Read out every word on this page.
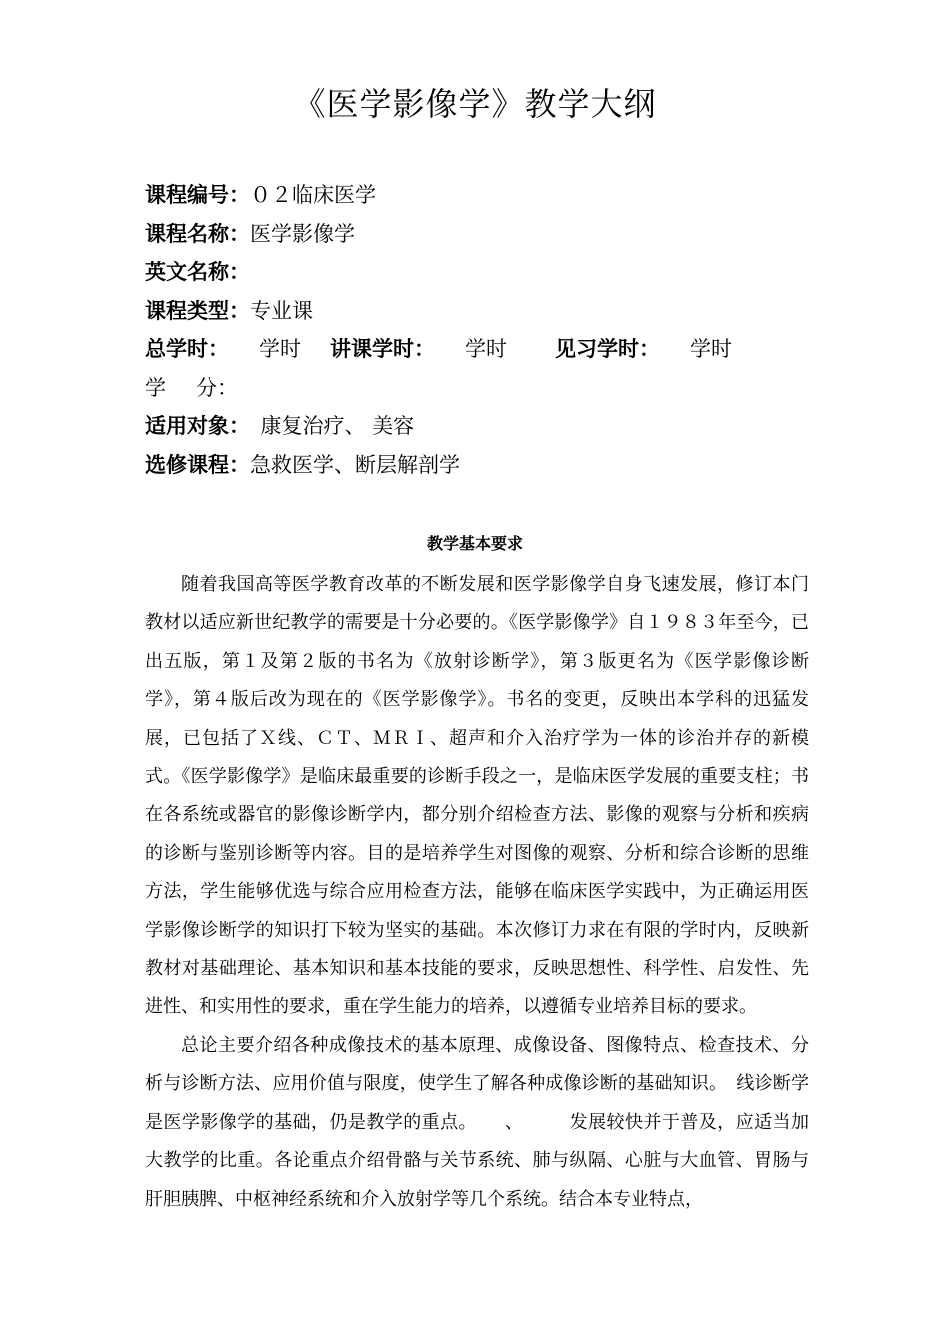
《医学影像学》教学大纲
课程编号：０２临床医学
课程名称：医学影像学
英文名称：
课程类型：专业课
总学时： 学时 讲课学时： 学时 见习学时： 学时
学 分：
适用对象： 康复治疗、 美容
选修课程：急救医学、断层解剖学
教学基本要求

随着我国高等医学教育改革的不断发展和医学影像学自身飞速发展，修订本门教材以适应新世纪教学的需要是十分必要的。《医学影像学》自１９８３年至今，已出五版，第１及第２版的书名为《放射诊断学》，第３版更名为《医学影像诊断学》，第４版后改为现在的《医学影像学》。书名的变更，反映出本学科的迅猛发展，已包括了Ｘ线、ＣＴ、ＭＲＩ、超声和介入治疗学为一体的诊治并存的新模式。《医学影像学》是临床最重要的诊断手段之一，是临床医学发展的重要支柱；书在各系统或器官的影像诊断学内，都分别介绍检查方法、影像的观察与分析和疾病的诊断与鉴别诊断等内容。目的是培养学生对图像的观察、分析和综合诊断的思维方法，学生能够优选与综合应用检查方法，能够在临床医学实践中，为正确运用医学影像诊断学的知识打下较为坚实的基础。本次修订力求在有限的学时内，反映新教材对基础理论、基本知识和基本技能的要求，反映思想性、科学性、启发性、先进性、和实用性的要求，重在学生能力的培养，以遵循专业培养目标的要求。

总论主要介绍各种成像技术的基本原理、成像设备、图像特点、检查技术、分析与诊断方法、应用价值与限度，使学生了解各种成像诊断的基础知识。　线诊断学是医学影像学的基础，仍是教学的重点。　　、　　　发展较快并于普及，应适当加大教学的比重。各论重点介绍骨骼与关节系统、肺与纵隔、心脏与大血管、胃肠与肝胆胰脾、中枢神经系统和介入放射学等几个系统。结合本专业特点，
